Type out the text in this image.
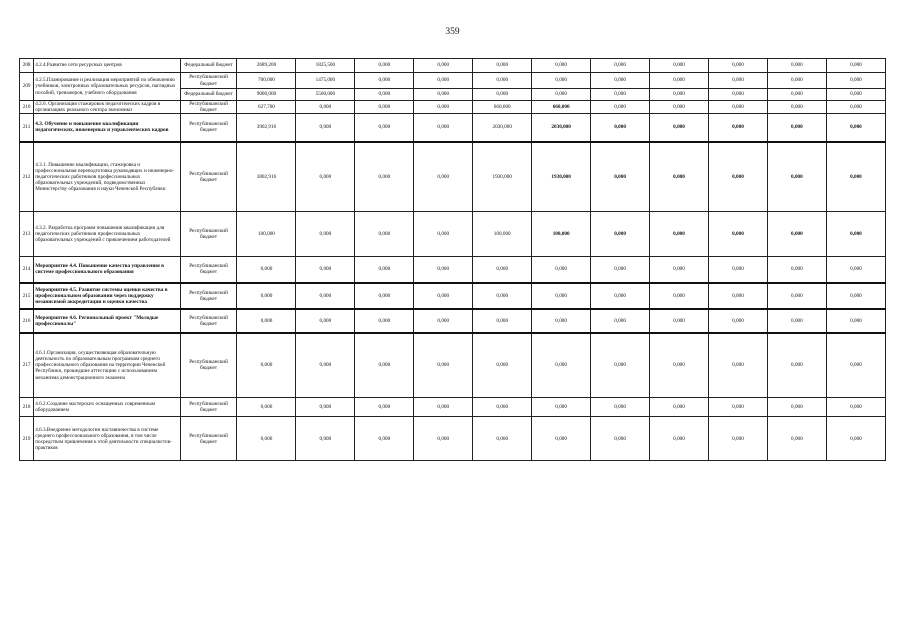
359
208	4.2.4.Развитие сети ресурсных центров	Федеральный бюджет	2689,200	1825,500	0,000	0,000	0,000	0,000	0,000	0,000	0,000	0,000	0,000
209	4.2.5.Планирование и реализация мероприятий по обновлению учебников, электронных образовательных ресурсов, наглядных пособий, тренажеров, учебного оборудования	Республиканский бюджет	700,000	1475,000	0,000	0,000	0,000	0,000	0,000	0,000	0,000	0,000	0,000
		Федеральный бюджет	9000,000	5500,000	0,000	0,000	0,000	0,000	0,000	0,000	0,000	0,000	0,000
210	4.2.6. Организация стажировок педагогических кадров в организациях реального сектора экономики	Республиканский бюджет	627,700	0,000	0,000	0,000	660,000	660,000	0,000	0,000	0,000	0,000	0,000
211	4.3. Обучение и повышение квалификации педагогических, инженерных и управленческих кадров	Республиканский бюджет	3902,916	0,000	0,000	0,000	2030,000	2030,000	0,000	0,000	0,000	0,000	0,000
212	4.3.1. Повышение квалификации, стажировка и профессиональная переподготовка руководящих и инженерно-педагогических работников профессиональных образовательных учреждений, подведомственных Министерству образования и науки Чеченской Республики	Республиканский бюджет	3802,916	0,000	0,000	0,000	1930,000	1930,000	0,000	0,000	0,000	0,000	0,000
213	4.3.2. Разработка программ повышения квалификации для педагогических работников профессиональных образовательных учреждений с привлечением работодателей	Республиканский бюджет	100,000	0,000	0,000	0,000	100,000	100,000	0,000	0,000	0,000	0,000	0,000
214	Мероприятие 4.4. Повышение качества управления в системе профессионального образования	Республиканский бюджет	0,000	0,000	0,000	0,000	0,000	0,000	0,000	0,000	0,000	0,000	0,000
215	Мероприятие 4.5. Развитие системы оценки качества в профессиональном образовании через поддержку независимой аккредитации и оценки качества	Республиканский бюджет	0,000	0,000	0,000	0,000	0,000	0,000	0,000	0,000	0,000	0,000	0,000
216	Мероприятие 4.6. Региональный проект "Молодые профессионалы"	Республиканский бюджет	0,000	0,000	0,000	0,000	0,000	0,000	0,000	0,000	0,000	0,000	0,000
217	4.6.1.Организация, осуществляющая образовательную деятельность по образовательным программам среднего профессионального образования на территории Чеченской Республики, прошедшие аттестацию с использованием механизма демонстрационного экзамена	Республиканский бюджет	0,000	0,000	0,000	0,000	0,000	0,000	0,000	0,000	0,000	0,000	0,000
218	4.6.2.Создание мастерских оснащенных современным оборудованием	Республиканский бюджет	0,000	0,000	0,000	0,000	0,000	0,000	0,000	0,000	0,000	0,000	0,000
219	4.6.3.Внедрение методологии наставничества в системе среднего профессионального образования, в том числе посредством привлечения к этой деятельности специалистов-практиков	Республиканский бюджет	0,000	0,000	0,000	0,000	0,000	0,000	0,000	0,000	0,000	0,000	0,000
